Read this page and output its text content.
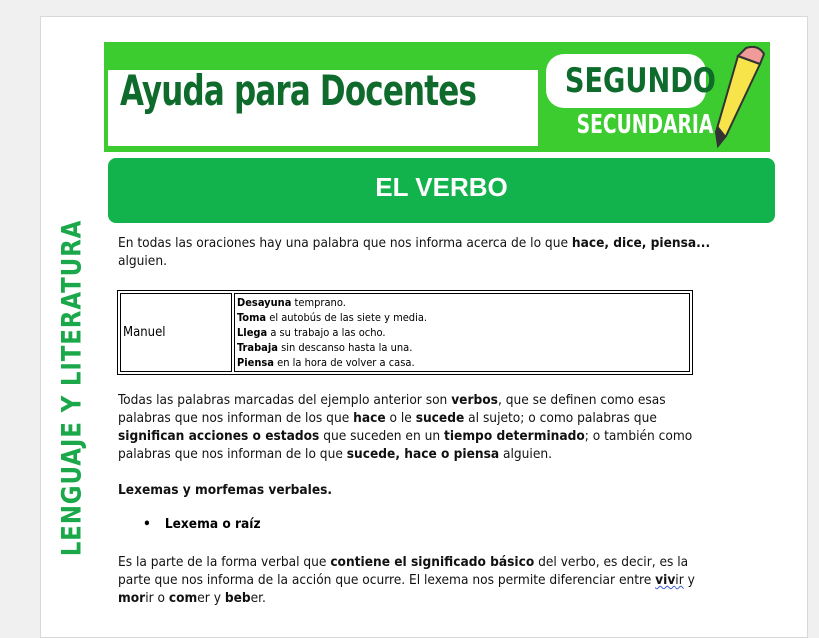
Ayuda para Docentes	SEGUNDO
SECUNDARIA
EL VERBO
LENGUAJE Y LITERATURA En todas las oraciones hay una palabra que nos informa acerca de lo que hace, dice, piensa... alguien.
Manuel	
Desayuna temprano.
Toma el autobús de las siete y media.
Llega a su trabajo a las ocho.
Trabaja sin descanso hasta la una.
Piensa en la hora de volver a casa.
Todas las palabras marcadas del ejemplo anterior son verbos, que se definen como esas palabras que nos informan de los que hace o le sucede al sujeto; o como palabras que significan acciones o estados que suceden en un tiempo determinado; o también como palabras que nos informan de lo que sucede, hace o piensa alguien.
Lexemas y morfemas verbales.
• Lexema o raíz
Es la parte de la forma verbal que contiene el significado básico del verbo, es decir, es la parte que nos informa de la acción que ocurre. El lexema nos permite diferenciar entre vivir y morir o comer y beber.
